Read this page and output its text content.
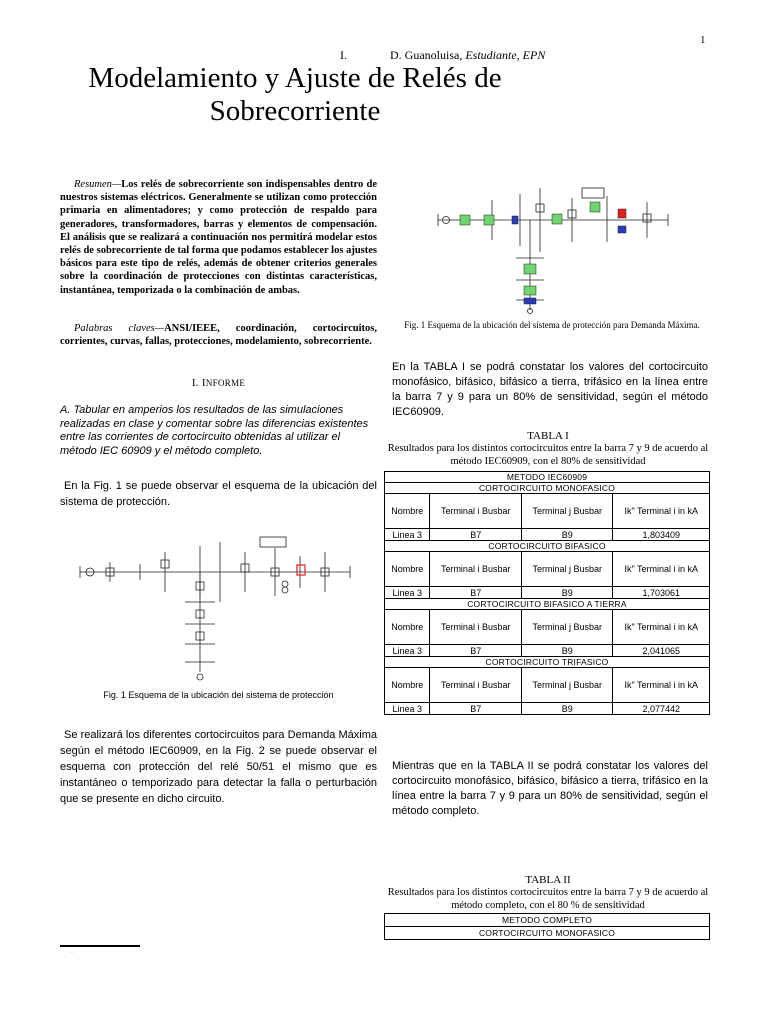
1
I.	D. Guanoluisa, Estudiante, EPN
Modelamiento y Ajuste de Relés de Sobrecorriente
Resumen—Los relés de sobrecorriente son indispensables dentro de nuestros sistemas eléctricos. Generalmente se utilizan como protección primaria en alimentadores; y como protección de respaldo para generadores, transformadores, barras y elementos de compensación. El análisis que se realizará a continuación nos permitirá modelar estos relés de sobrecorriente de tal forma que podamos establecer los ajustes básicos para este tipo de relés, además de obtener criterios generales sobre la coordinación de protecciones con distintas características, instantánea, temporizada o la combinación de ambas.
Palabras claves—ANSI/IEEE, coordinación, cortocircuitos, corrientes, curvas, fallas, protecciones, modelamiento, sobrecorriente.
I. INFORME
A. Tabular en amperios los resultados de las simulaciones realizadas en clase y comentar sobre las diferencias existentes entre las corrientes de cortocircuito obtenidas al utilizar el método IEC 60909 y el método completo.
En la Fig. 1 se puede observar el esquema de la ubicación del sistema de protección.
Fig. 1 Esquema de la ubicación del sistema de protección
Se realizará los diferentes cortocircuitos para Demanda Máxima según el método IEC60909, en la Fig. 2 se puede observar el esquema con protección del relé 50/51 el mismo que es instantáneo o temporizado para detectar la falla o perturbación que se presente en dicho circuito.
Fig. 1 Esquema de la ubicación del sistema de protección para Demanda Máxima.
En la TABLA I se podrá constatar los valores del cortocircuito monofásico, bifásico, bifásico a tierra, trifásico en la línea entre la barra 7 y 9 para un 80% de sensitividad, según el método IEC60909.
TABLA I
Resultados para los distintos cortocircuitos entre la barra 7 y 9 de acuerdo al método IEC60909, con el 80% de sensitividad
METODO IEC60909			
CORTOCIRCUITO MONOFASICO			
Nombre	Terminal i Busbar	Terminal j Busbar	Ikʺ Terminal i in kA
Linea 3	B7	B9	1,803409
CORTOCIRCUITO BIFASICO			
Nombre	Terminal i Busbar	Terminal j Busbar	Ikʺ Terminal i in kA
Linea 3	B7	B9	1,703061
CORTOCIRCUITO BIFASICO A TIERRA			
Nombre	Terminal i Busbar	Terminal j Busbar	Ikʺ Terminal i in kA
Linea 3	B7	B9	2,041065
CORTOCIRCUITO TRIFASICO			
Nombre	Terminal i Busbar	Terminal j Busbar	Ikʺ Terminal i in kA
Linea 3	B7	B9	2,077442
Mientras que en la TABLA II se podrá constatar los valores del cortocircuito monofásico, bifásico, bifásico a tierra, trifásico en la línea entre la barra 7 y 9 para un 80% de sensitividad, según el método completo.
TABLA II
Resultados para los distintos cortocircuitos entre la barra 7 y 9 de acuerdo al método completo, con el 80 % de sensitividad
METODO COMPLETO
CORTOCIRCUITO MONOFASICO
·
